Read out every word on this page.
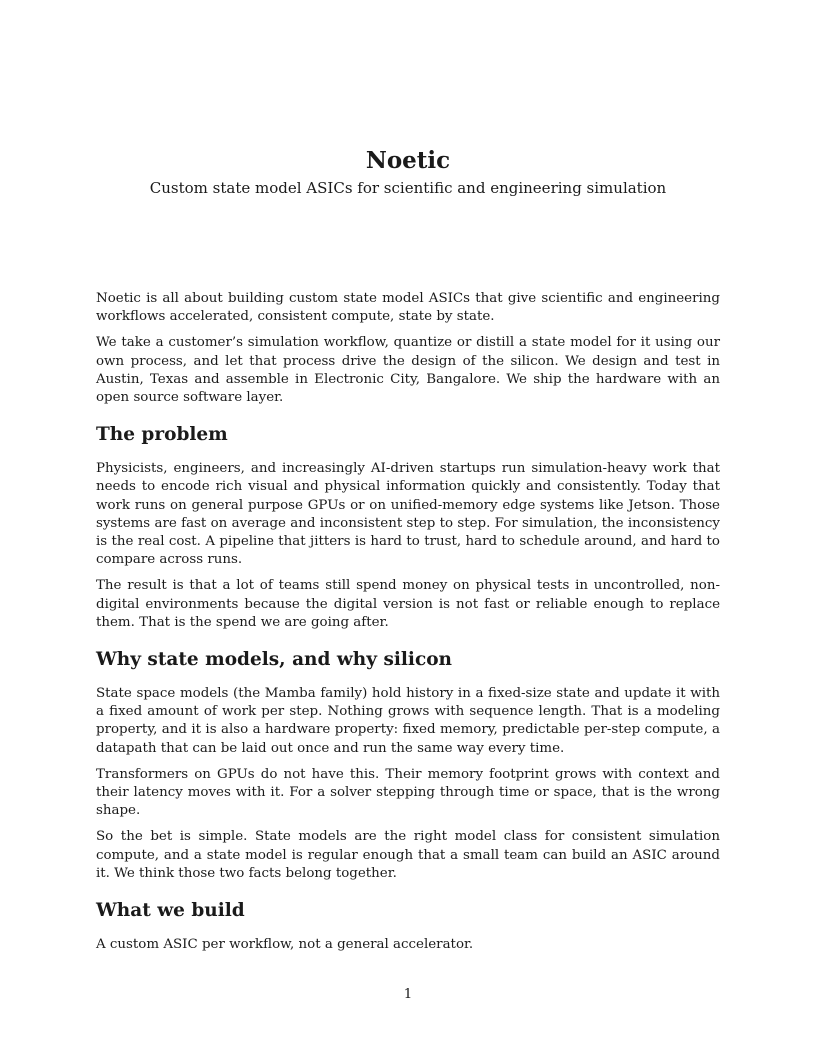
Noetic
Custom state model ASICs for scientific and engineering simulation

Noetic is all about building custom state model ASICs that give scientific and engineering workflows accelerated, consistent compute, state by state.

We take a customer’s simulation workflow, quantize or distill a state model for it using our own process, and let that process drive the design of the silicon. We design and test in Austin, Texas and assemble in Electronic City, Bangalore. We ship the hardware with an open source software layer.

The problem

Physicists, engineers, and increasingly AI-driven startups run simulation-heavy work that needs to encode rich visual and physical information quickly and consistently. Today that work runs on general purpose GPUs or on unified-memory edge systems like Jetson. Those systems are fast on average and inconsistent step to step. For simulation, the inconsistency is the real cost. A pipeline that jitters is hard to trust, hard to schedule around, and hard to compare across runs.

The result is that a lot of teams still spend money on physical tests in uncontrolled, non-digital environments because the digital version is not fast or reliable enough to replace them. That is the spend we are going after.

Why state models, and why silicon

State space models (the Mamba family) hold history in a fixed-size state and update it with a fixed amount of work per step. Nothing grows with sequence length. That is a modeling property, and it is also a hardware property: fixed memory, predictable per-step compute, a datapath that can be laid out once and run the same way every time.

Transformers on GPUs do not have this. Their memory footprint grows with context and their latency moves with it. For a solver stepping through time or space, that is the wrong shape.

So the bet is simple. State models are the right model class for consistent simulation compute, and a state model is regular enough that a small team can build an ASIC around it. We think those two facts belong together.

What we build

A custom ASIC per workflow, not a general accelerator.

1
